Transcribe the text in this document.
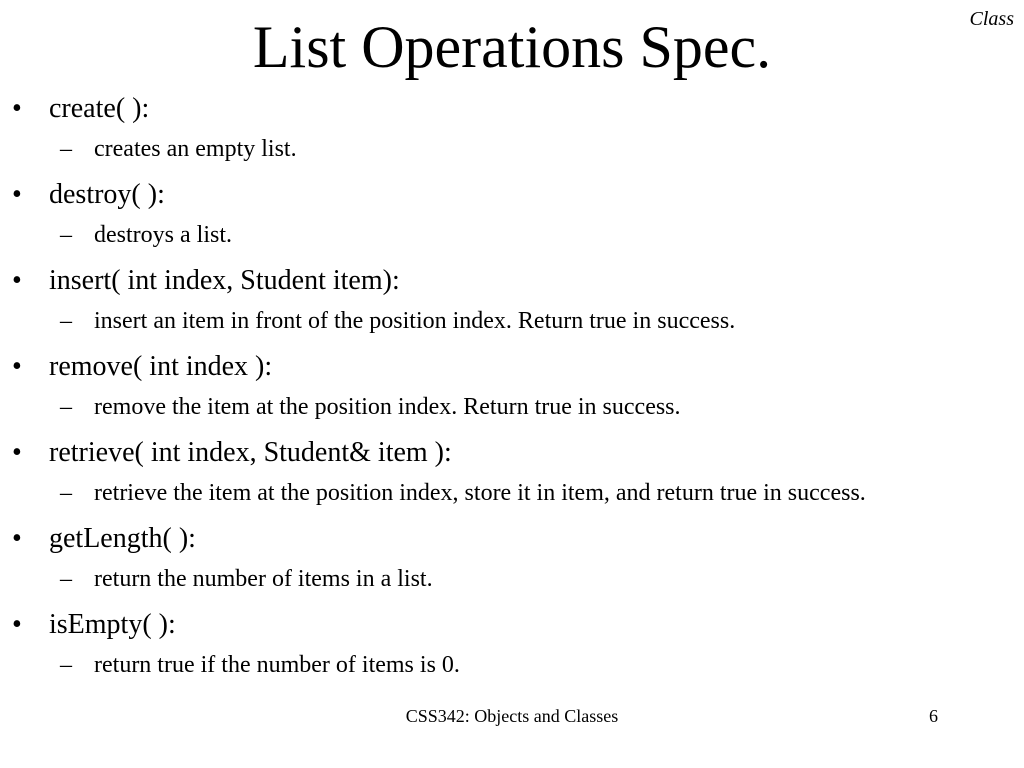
Class
List Operations Spec.
• create( ):
– creates an empty list.
• destroy( ):
– destroys a list.
• insert( int index, Student item):
– insert an item in front of the position index. Return true in success.
• remove( int index ):
– remove the item at the position index. Return true in success.
• retrieve( int index, Student& item ):
– retrieve the item at the position index, store it in item, and return true in success.
• getLength( ):
– return the number of items in a list.
• isEmpty( ):
– return true if the number of items is 0.
CSS342: Objects and Classes	6
